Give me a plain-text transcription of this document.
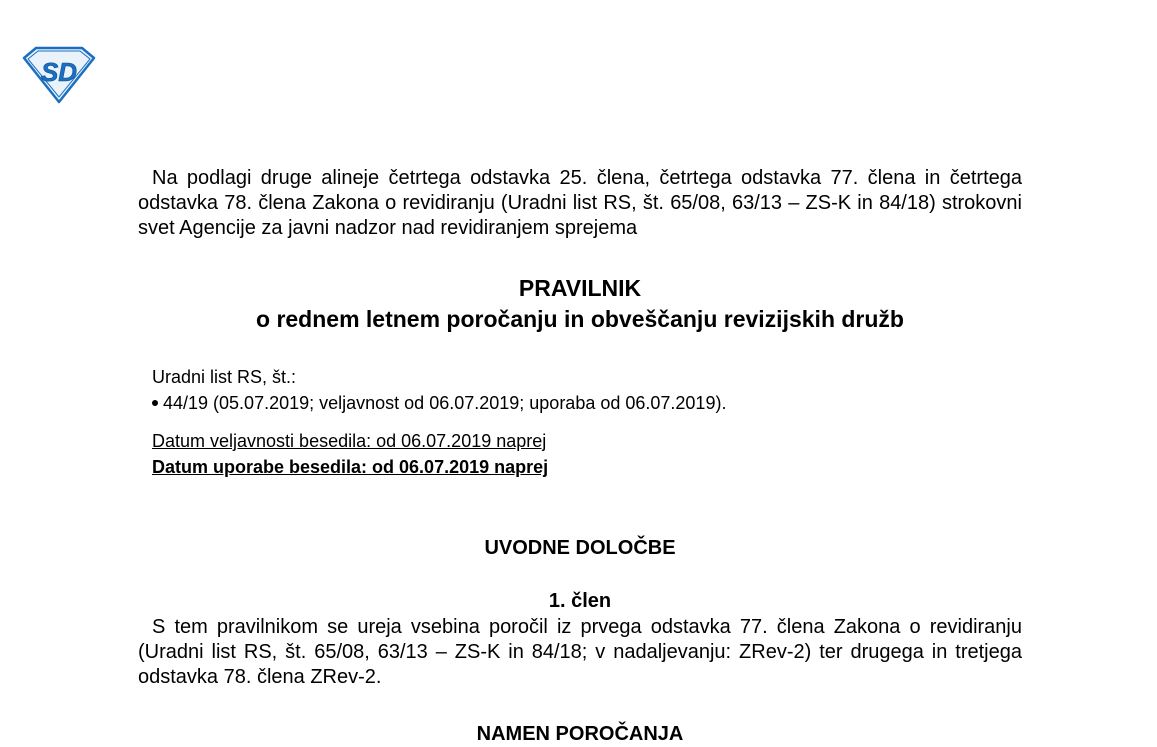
SD
Na podlagi druge alineje četrtega odstavka 25. člena, četrtega odstavka 77. člena in četrtega odstavka 78. člena Zakona o revidiranju (Uradni list RS, št. 65/08, 63/13 – ZS-K in 84/18) strokovni svet Agencije za javni nadzor nad revidiranjem sprejema
PRAVILNIK
o rednem letnem poročanju in obveščanju revizijskih družb
Uradni list RS, št.:
44/19 (05.07.2019; veljavnost od 06.07.2019; uporaba od 06.07.2019).
Datum veljavnosti besedila: od 06.07.2019 naprej
Datum uporabe besedila: od 06.07.2019 naprej
UVODNE DOLOČBE
1. člen
S tem pravilnikom se ureja vsebina poročil iz prvega odstavka 77. člena Zakona o revidiranju (Uradni list RS, št. 65/08, 63/13 – ZS-K in 84/18; v nadaljevanju: ZRev-2) ter drugega in tretjega odstavka 78. člena ZRev-2.
NAMEN POROČANJA
